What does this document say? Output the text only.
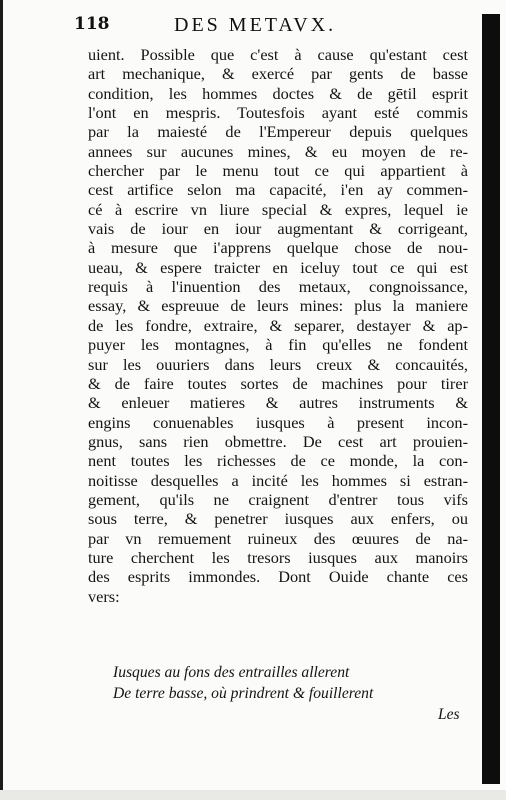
118	DES METAVX.
uient. Possible que c'est à cause qu'estant cest
art mechanique, & exercé par gents de basse
condition, les hommes doctes & de gētil esprit
l'ont en mespris. Toutesfois ayant esté commis
par la maiesté de l'Empereur depuis quelques
annees sur aucunes mines, & eu moyen de re-
chercher par le menu tout ce qui appartient à
cest artifice selon ma capacité, i'en ay commen-
cé à escrire vn liure special & expres, lequel ie
vais de iour en iour augmentant & corrigeant,
à mesure que i'apprens quelque chose de nou-
ueau, & espere traicter en iceluy tout ce qui est
requis à l'inuention des metaux, congnoissance,
essay, & espreuue de leurs mines: plus la maniere
de les fondre, extraire, & separer, destayer & ap-
puyer les montagnes, à fin qu'elles ne fondent
sur les ouuriers dans leurs creux & concauités,
& de faire toutes sortes de machines pour tirer
& enleuer matieres & autres instruments &
engins conuenables iusques à present incon-
gnus, sans rien obmettre. De cest art prouien-
nent toutes les richesses de ce monde, la con-
noitisse desquelles a incité les hommes si estran-
gement, qu'ils ne craignent d'entrer tous vifs
sous terre, & penetrer iusques aux enfers, ou
par vn remuement ruineux des œuures de na-
ture cherchent les tresors iusques aux manoirs
des esprits immondes. Dont Ouide chante ces
vers:
Iusques au fons des entrailles allerent
De terre basse, où prindrent & fouillerent
Les
